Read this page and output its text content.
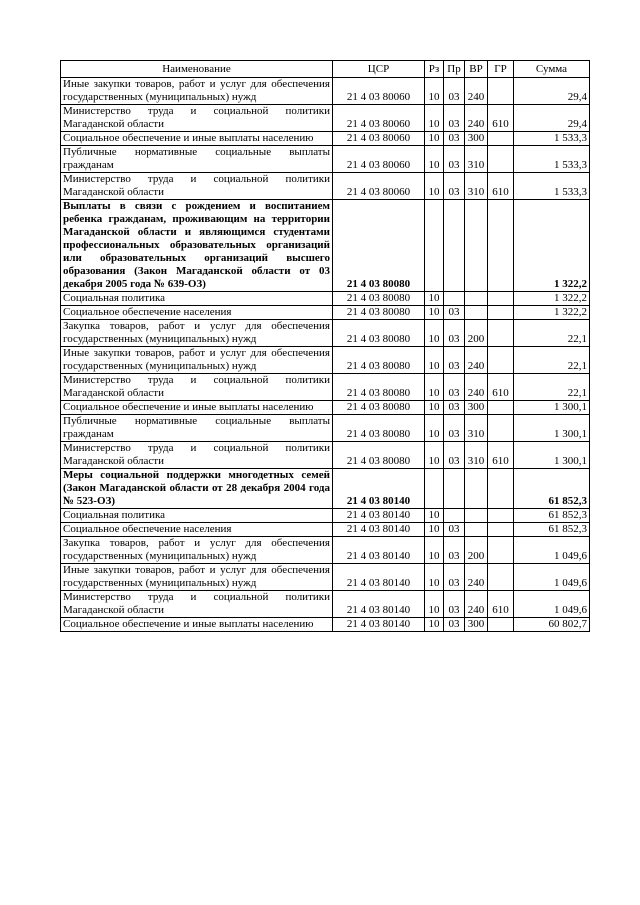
Наименование	ЦСР	Рз	Пр	ВР	ГР	Сумма
Иные закупки товаров, работ и услуг для обеспечения государственных (муниципальных) нужд	21 4 03 80060	10	03	240		29,4
Министерство труда и социальной политики Магаданской области	21 4 03 80060	10	03	240	610	29,4
Социальное обеспечение и иные выплаты населению	21 4 03 80060	10	03	300		1 533,3
Публичные нормативные социальные выплаты гражданам	21 4 03 80060	10	03	310		1 533,3
Министерство труда и социальной политики Магаданской области	21 4 03 80060	10	03	310	610	1 533,3
Выплаты в связи с рождением и воспитанием ребенка гражданам, проживающим на территории Магаданской области и являющимся студентами профессиональных образовательных организаций или образовательных организаций высшего образования (Закон Магаданской области от 03 декабря 2005 года № 639-ОЗ)	21 4 03 80080					1 322,2
Социальная политика	21 4 03 80080	10				1 322,2
Социальное обеспечение населения	21 4 03 80080	10	03			1 322,2
Закупка товаров, работ и услуг для обеспечения государственных (муниципальных) нужд	21 4 03 80080	10	03	200		22,1
Иные закупки товаров, работ и услуг для обеспечения государственных (муниципальных) нужд	21 4 03 80080	10	03	240		22,1
Министерство труда и социальной политики Магаданской области	21 4 03 80080	10	03	240	610	22,1
Социальное обеспечение и иные выплаты населению	21 4 03 80080	10	03	300		1 300,1
Публичные нормативные социальные выплаты гражданам	21 4 03 80080	10	03	310		1 300,1
Министерство труда и социальной политики Магаданской области	21 4 03 80080	10	03	310	610	1 300,1
Меры социальной поддержки многодетных семей (Закон Магаданской области от 28 декабря 2004 года № 523-ОЗ)	21 4 03 80140					61 852,3
Социальная политика	21 4 03 80140	10				61 852,3
Социальное обеспечение населения	21 4 03 80140	10	03			61 852,3
Закупка товаров, работ и услуг для обеспечения государственных (муниципальных) нужд	21 4 03 80140	10	03	200		1 049,6
Иные закупки товаров, работ и услуг для обеспечения государственных (муниципальных) нужд	21 4 03 80140	10	03	240		1 049,6
Министерство труда и социальной политики Магаданской области	21 4 03 80140	10	03	240	610	1 049,6
Социальное обеспечение и иные выплаты населению	21 4 03 80140	10	03	300		60 802,7
